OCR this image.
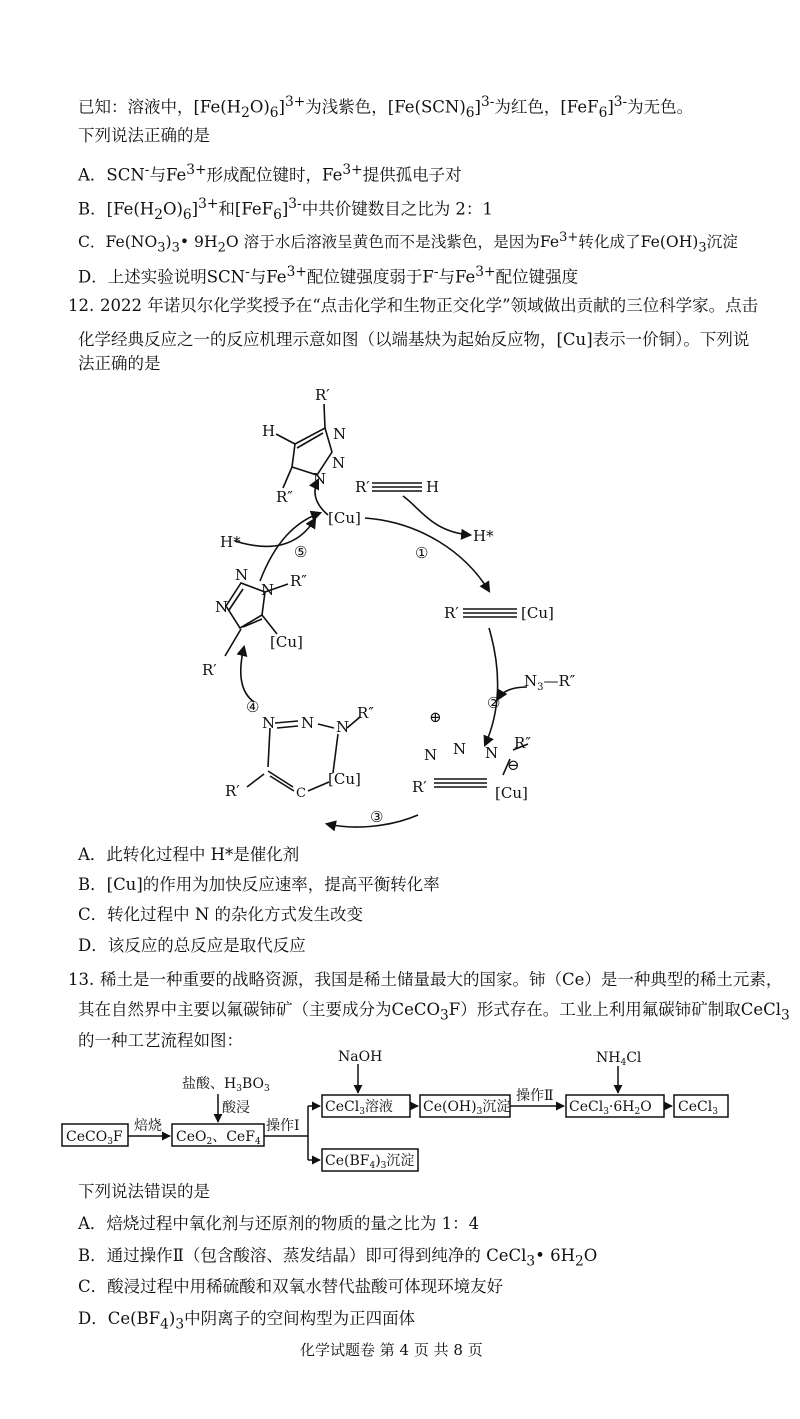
已知：溶液中，$[Fe(H_2O)_6]^{3+}$为浅紫色，$[Fe(SCN)_6]^{3-}$为红色，$[FeF_6]^{3-}$为无色。
下列说法正确的是
A．SCN-与$Fe^{3+}$形成配位键时，$Fe^{3+}$提供孤电子对
B．$[Fe(H_2O)_6]^{3+}$和$[FeF_6]^{3-}$中共价键数目之比为 2：1
C．$Fe(NO_3)_3•$ $9H_2O$ 溶于水后溶液呈黄色而不是浅紫色，是因为$Fe^{3+}$转化成了$Fe(OH)_3$沉淀
D．上述实验说明SCN-与$Fe^{3+}$配位键强度弱于F-与$Fe^{3+}$配位键强度
12. 2022 年诺贝尔化学奖授予在“点击化学和生物正交化学”领域做出贡献的三位科学家。点击
化学经典反应之一的反应机理示意如图（以端基炔为起始反应物，[Cu]表示一价铜）。下列说
法正确的是
R′
H	N
N
N
R″
R′	H
[Cu]
H*	H*
①
⑤
R′	[Cu]
N
N
N R″
R′
[Cu]
②
$N_3—R''$
⊕
N N N
R″
⊖
R′	[Cu]
③
④
N N N
R″
C
[Cu]
R′
A．此转化过程中 H*是催化剂
B．[Cu]的作用为加快反应速率，提高平衡转化率
C．转化过程中 N 的杂化方式发生改变
D．该反应的总反应是取代反应
13. 稀土是一种重要的战略资源，我国是稀土储量最大的国家。铈（Ce）是一种典型的稀土元素，
其在自然界中主要以氟碳铈矿（主要成分为CeCO$_3$F）形式存在。工业上利用氟碳铈矿制取CeCl$_3$
的一种工艺流程如图：
CeCO$_3$F
焙烧
盐酸、$H_3BO_3$
酸浸
CeO$_2$、CeF$_4$
操作Ⅰ
NaOH
CeCl$_3$溶液 $Ce(OH)_3$沉淀
操作Ⅱ
$NH_4Cl$
$CeCl_3\cdot 6H_2O$ CeCl$_3$
$Ce(BF_4)_3$沉淀
下列说法错误的是
A．焙烧过程中氧化剂与还原剂的物质的量之比为 1：4
B．通过操作Ⅱ（包含酸溶、蒸发结晶）即可得到纯净的 CeCl$_3$• $6H_2O$
C．酸浸过程中用稀硫酸和双氧水替代盐酸可体现环境友好
D．$Ce(BF_4)_3$中阴离子的空间构型为正四面体
化学试题卷 第 4 页 共 8 页
